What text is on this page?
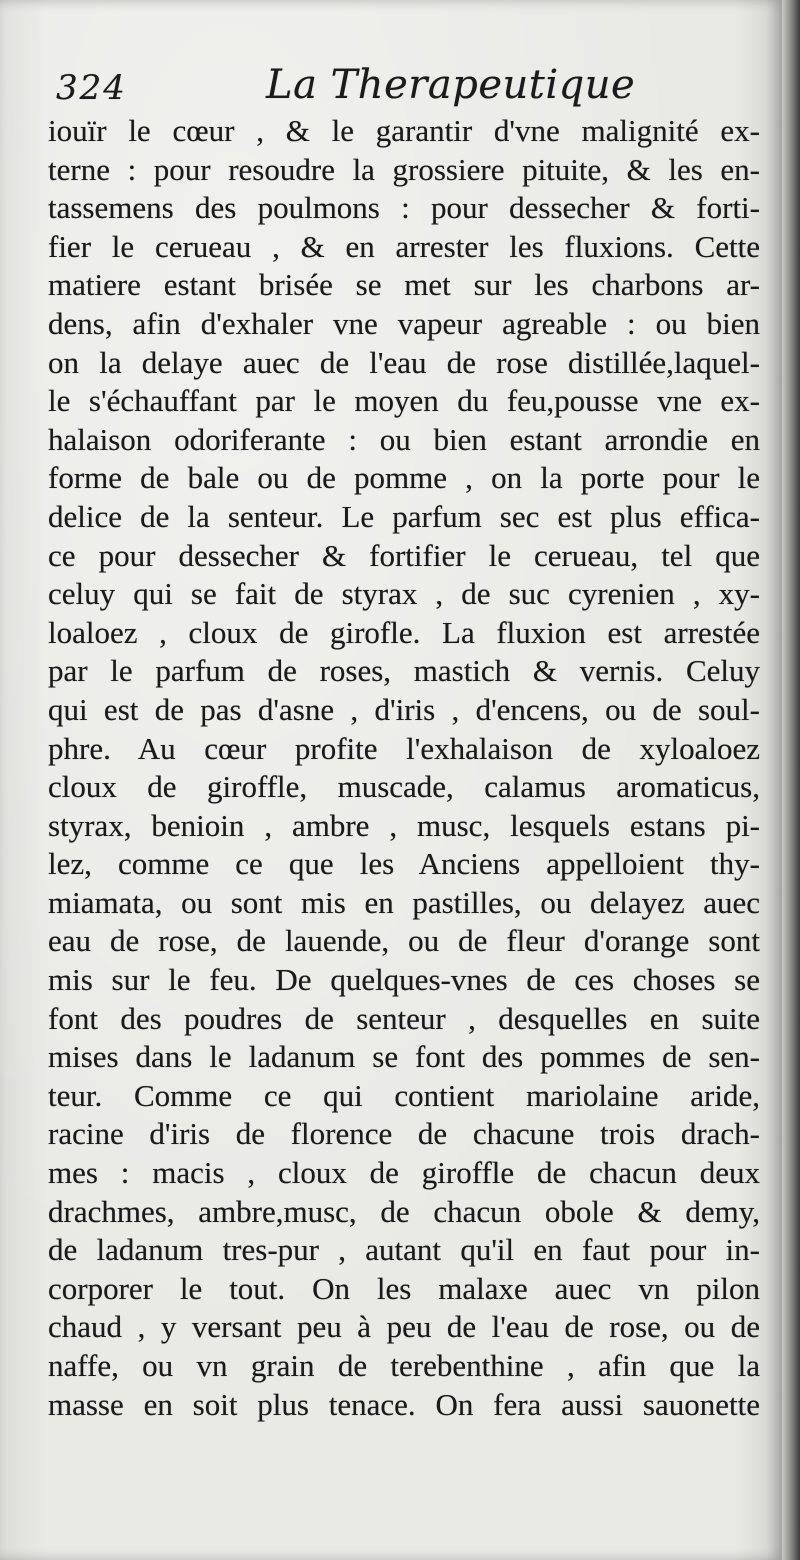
324	La Therapeutique
iouïr le cœur , & le garantir d'vne malignité ex-
terne : pour resoudre la grossiere pituite, & les en-
tassemens des poulmons : pour dessecher & forti-
fier le cerueau , & en arrester les fluxions. Cette
matiere estant brisée se met sur les charbons ar-
dens, afin d'exhaler vne vapeur agreable : ou bien
on la delaye auec de l'eau de rose distillée,laquel-
le s'échauffant par le moyen du feu,pousse vne ex-
halaison odoriferante : ou bien estant arrondie en
forme de bale ou de pomme , on la porte pour le
delice de la senteur. Le parfum sec est plus effica-
ce pour dessecher & fortifier le cerueau, tel que
celuy qui se fait de styrax , de suc cyrenien , xy-
loaloez , cloux de girofle. La fluxion est arrestée
par le parfum de roses, mastich & vernis. Celuy
qui est de pas d'asne , d'iris , d'encens, ou de soul-
phre. Au cœur profite l'exhalaison de xyloaloez
cloux de giroffle, muscade, calamus aromaticus,
styrax, benioin , ambre , musc, lesquels estans pi-
lez, comme ce que les Anciens appelloient thy-
miamata, ou sont mis en pastilles, ou delayez auec
eau de rose, de lauende, ou de fleur d'orange sont
mis sur le feu. De quelques-vnes de ces choses se
font des poudres de senteur , desquelles en suite
mises dans le ladanum se font des pommes de sen-
teur. Comme ce qui contient mariolaine aride,
racine d'iris de florence de chacune trois drach-
mes : macis , cloux de giroffle de chacun deux
drachmes, ambre,musc, de chacun obole & demy,
de ladanum tres-pur , autant qu'il en faut pour in-
corporer le tout. On les malaxe auec vn pilon
chaud , y versant peu à peu de l'eau de rose, ou de
naffe, ou vn grain de terebenthine , afin que la
masse en soit plus tenace. On fera aussi sauonette
